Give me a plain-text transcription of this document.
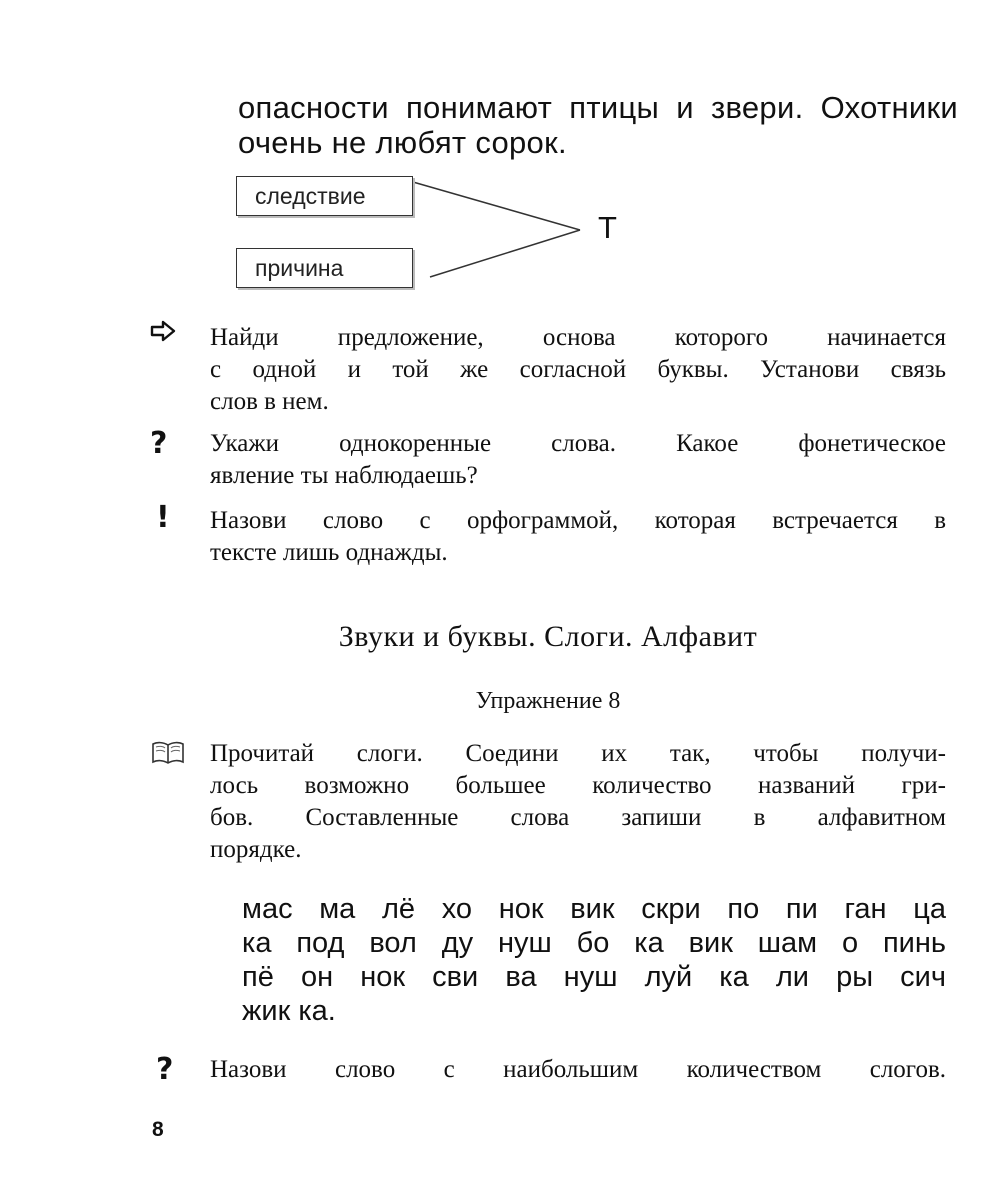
опасности понимают птицы и звери. Охотники
очень не любят сорок.
следствие
причина
Т
Найди предложение, основа которого начинается
с одной и той же согласной буквы. Установи связь
слов в нем.
? Укажи однокоренные слова. Какое фонетическое
явление ты наблюдаешь?
! Назови слово с орфограммой, которая встречается в
тексте лишь однажды.
Звуки и буквы. Слоги. Алфавит
Упражнение 8
Прочитай слоги. Соедини их так, чтобы получи-
лось возможно большее количество названий гри-
бов. Составленные слова запиши в алфавитном
порядке.
мас ма лё хо нок вик скри по пи ган ца
ка под вол ду нуш бо ка вик шам о пинь
пё он нок сви ва нуш луй ка ли ры сич
жик ка.
? Назови слово с наибольшим количеством слогов.
8
